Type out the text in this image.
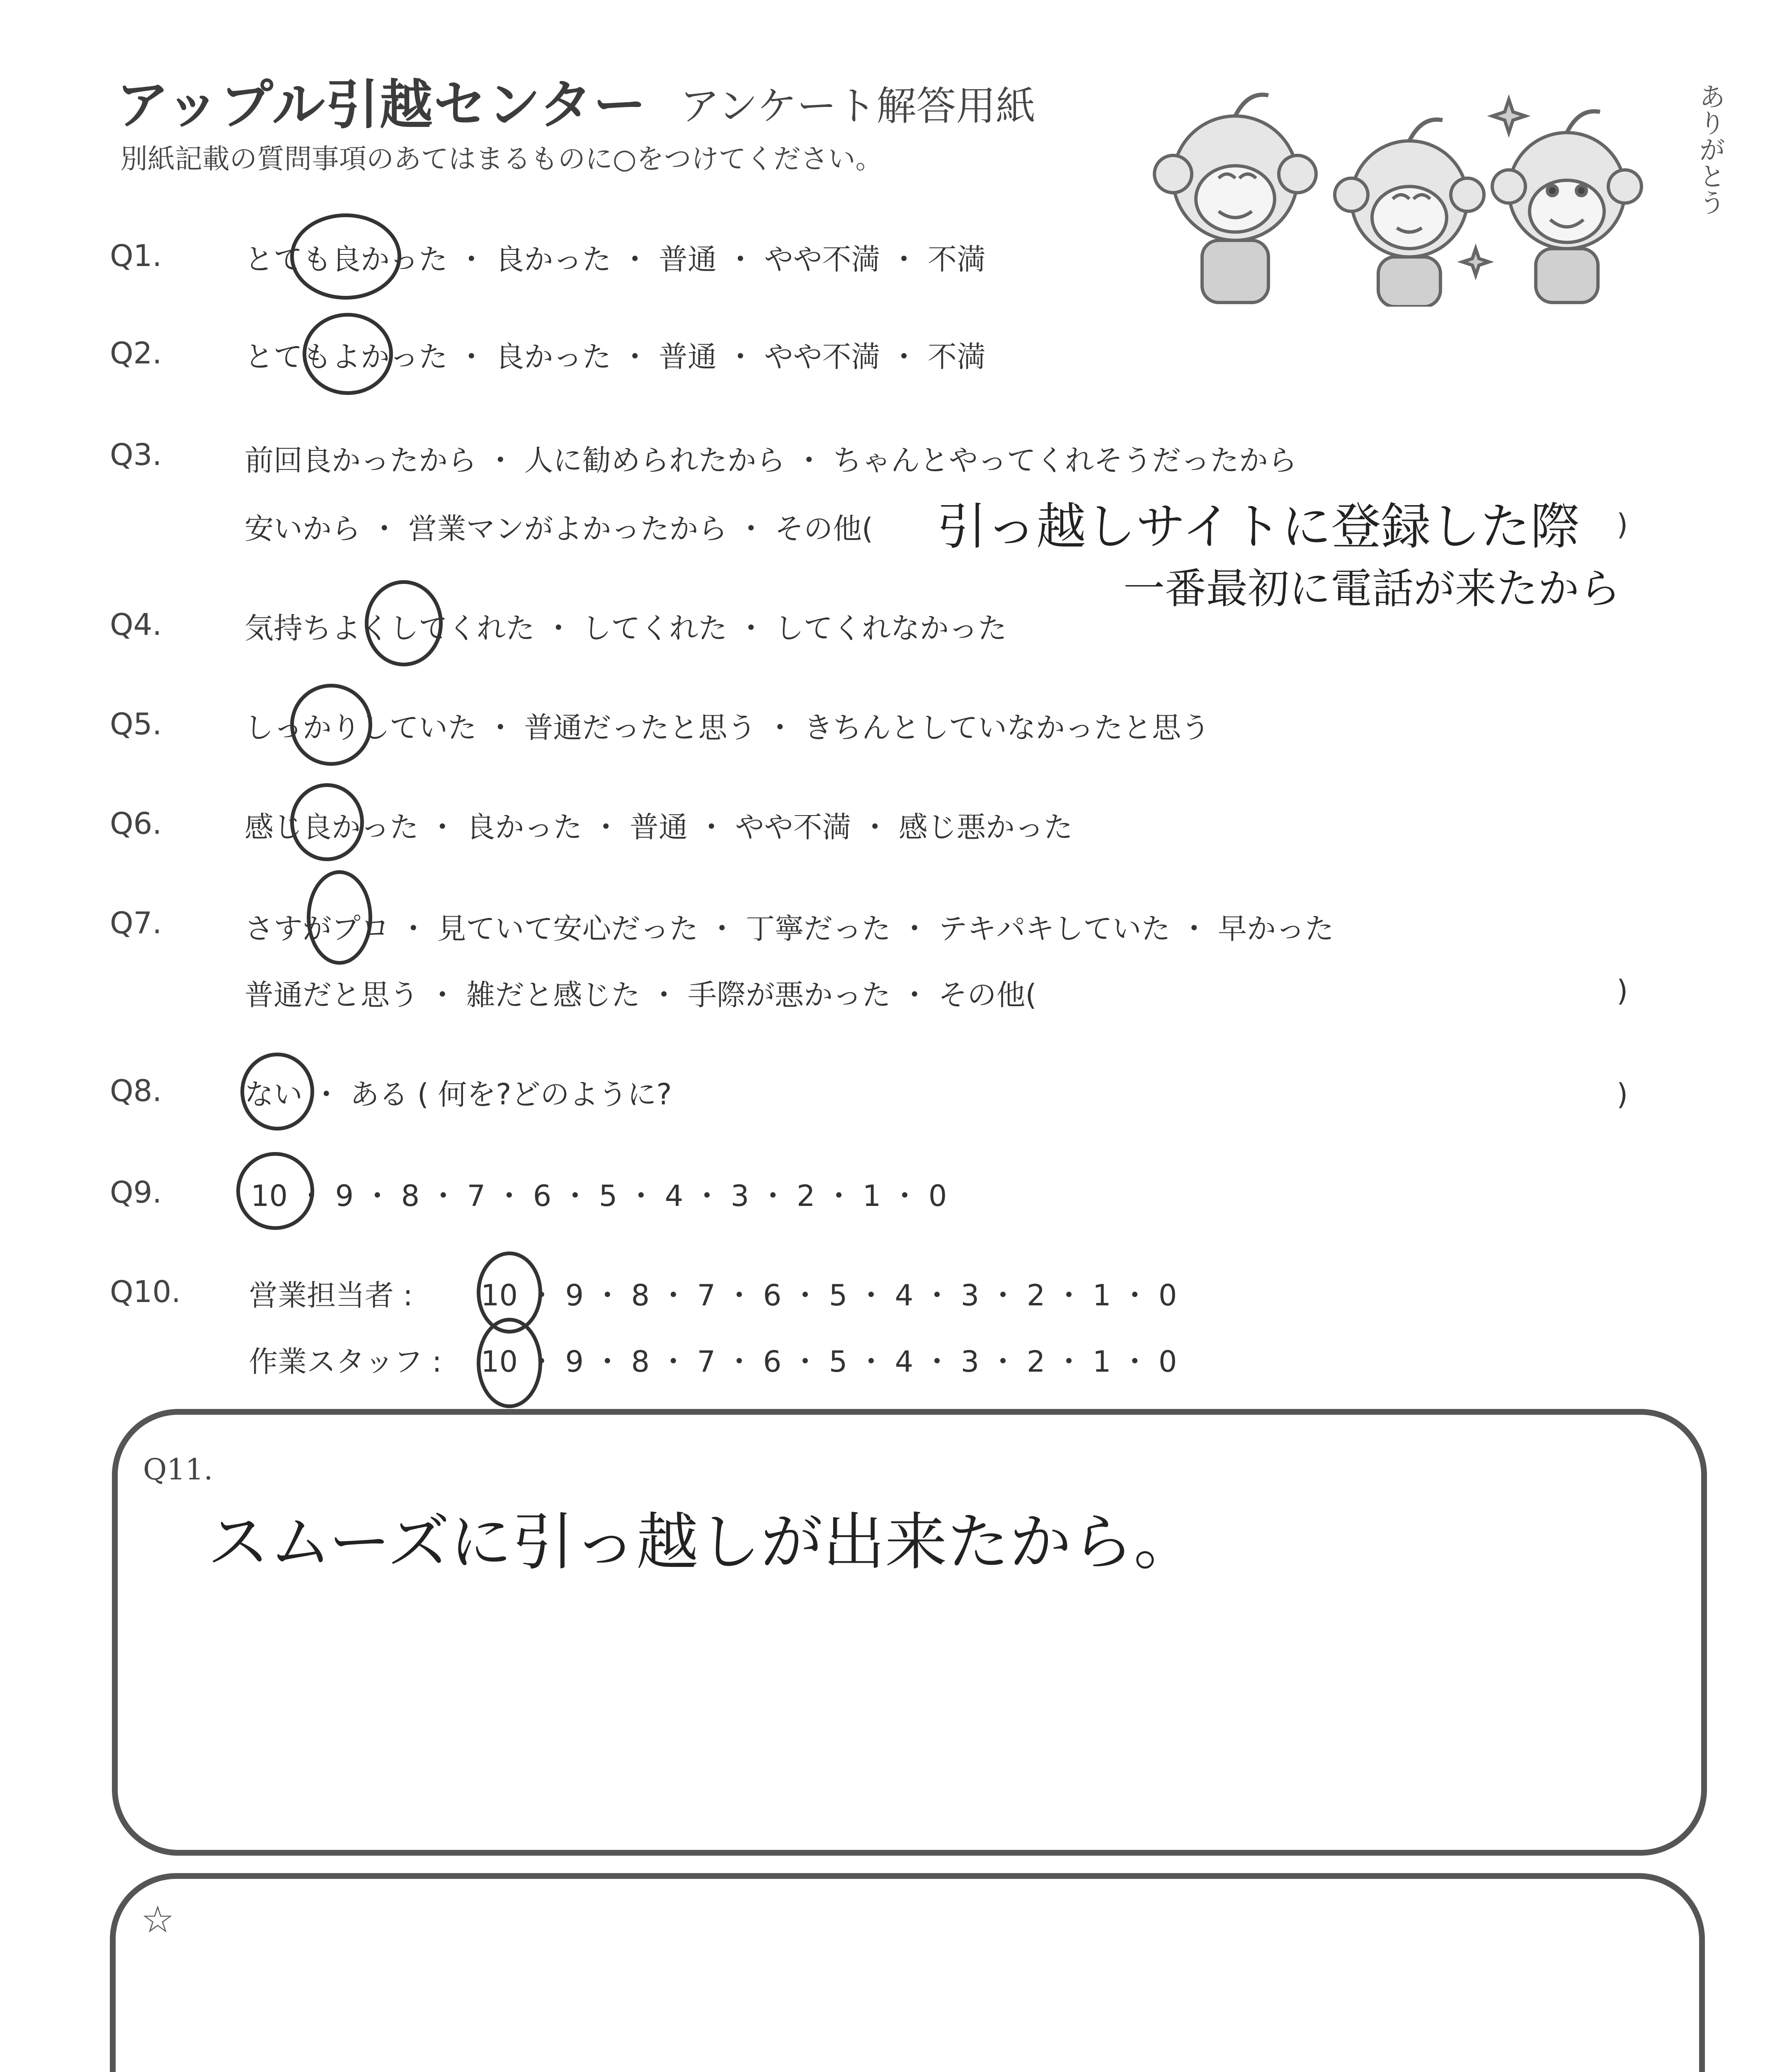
アップル引越センター アンケート解答用紙
別紙記載の質問事項のあてはまるものに○をつけてください。	ありがとう
Q1.	とても良かった ・ 良かった ・ 普通 ・ やや不満 ・ 不満
Q2.	とてもよかった ・ 良かった ・ 普通 ・ やや不満 ・ 不満
Q3.	前回良かったから ・ 人に勧められたから ・ ちゃんとやってくれそうだったから
安いから ・ 営業マンがよかったから ・ その他(	)
引っ越しサイトに登録した際
一番最初に電話が来たから
Q4.	気持ちよくしてくれた ・ してくれた ・ してくれなかった
Q5.	しっかりしていた ・ 普通だったと思う ・ きちんとしていなかったと思う
Q6.	感じ良かった ・ 良かった ・ 普通 ・ やや不満 ・ 感じ悪かった
Q7.	さすがプロ ・ 見ていて安心だった ・ 丁寧だった ・ テキパキしていた ・ 早かった
普通だと思う ・ 雑だと感じた ・ 手際が悪かった ・ その他(	)
Q8.	ない ・ ある ( 何を?どのように?	)
Q9.	10 ・ 9 ・ 8 ・ 7 ・ 6 ・ 5 ・ 4 ・ 3 ・ 2 ・ 1 ・ 0
Q10. 営業担当者 : 10 ・ 9 ・ 8 ・ 7 ・ 6 ・ 5 ・ 4 ・ 3 ・ 2 ・ 1 ・ 0
作業スタッフ : 10 ・ 9 ・ 8 ・ 7 ・ 6 ・ 5 ・ 4 ・ 3 ・ 2 ・ 1 ・ 0
Q11.
スムーズに引っ越しが出来たから。
☆
